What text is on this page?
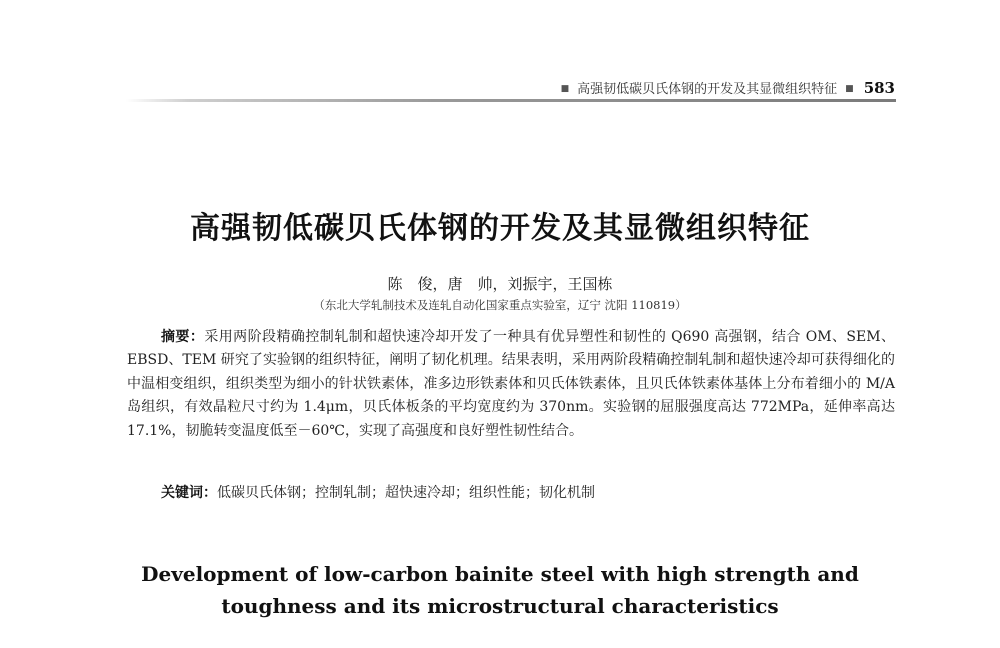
■ 高强韧低碳贝氏体钢的开发及其显微组织特征 ■ 583
高强韧低碳贝氏体钢的开发及其显微组织特征
陈　俊，唐　帅，刘振宇，王国栋
（东北大学轧制技术及连轧自动化国家重点实验室，辽宁 沈阳 110819）
摘要：采用两阶段精确控制轧制和超快速冷却开发了一种具有优异塑性和韧性的 Q690 高强钢，结合 OM、SEM、EBSD、TEM 研究了实验钢的组织特征，阐明了韧化机理。结果表明，采用两阶段精确控制轧制和超快速冷却可获得细化的中温相变组织，组织类型为细小的针状铁素体，准多边形铁素体和贝氏体铁素体，且贝氏体铁素体基体上分布着细小的 M/A 岛组织，有效晶粒尺寸约为 1.4μm，贝氏体板条的平均宽度约为 370nm。实验钢的屈服强度高达 772MPa，延伸率高达 17.1%，韧脆转变温度低至－60℃，实现了高强度和良好塑性韧性结合。
关键词：低碳贝氏体钢；控制轧制；超快速冷却；组织性能；韧化机制
Development of low-carbon bainite steel with high strength and
toughness and its microstructural characteristics
